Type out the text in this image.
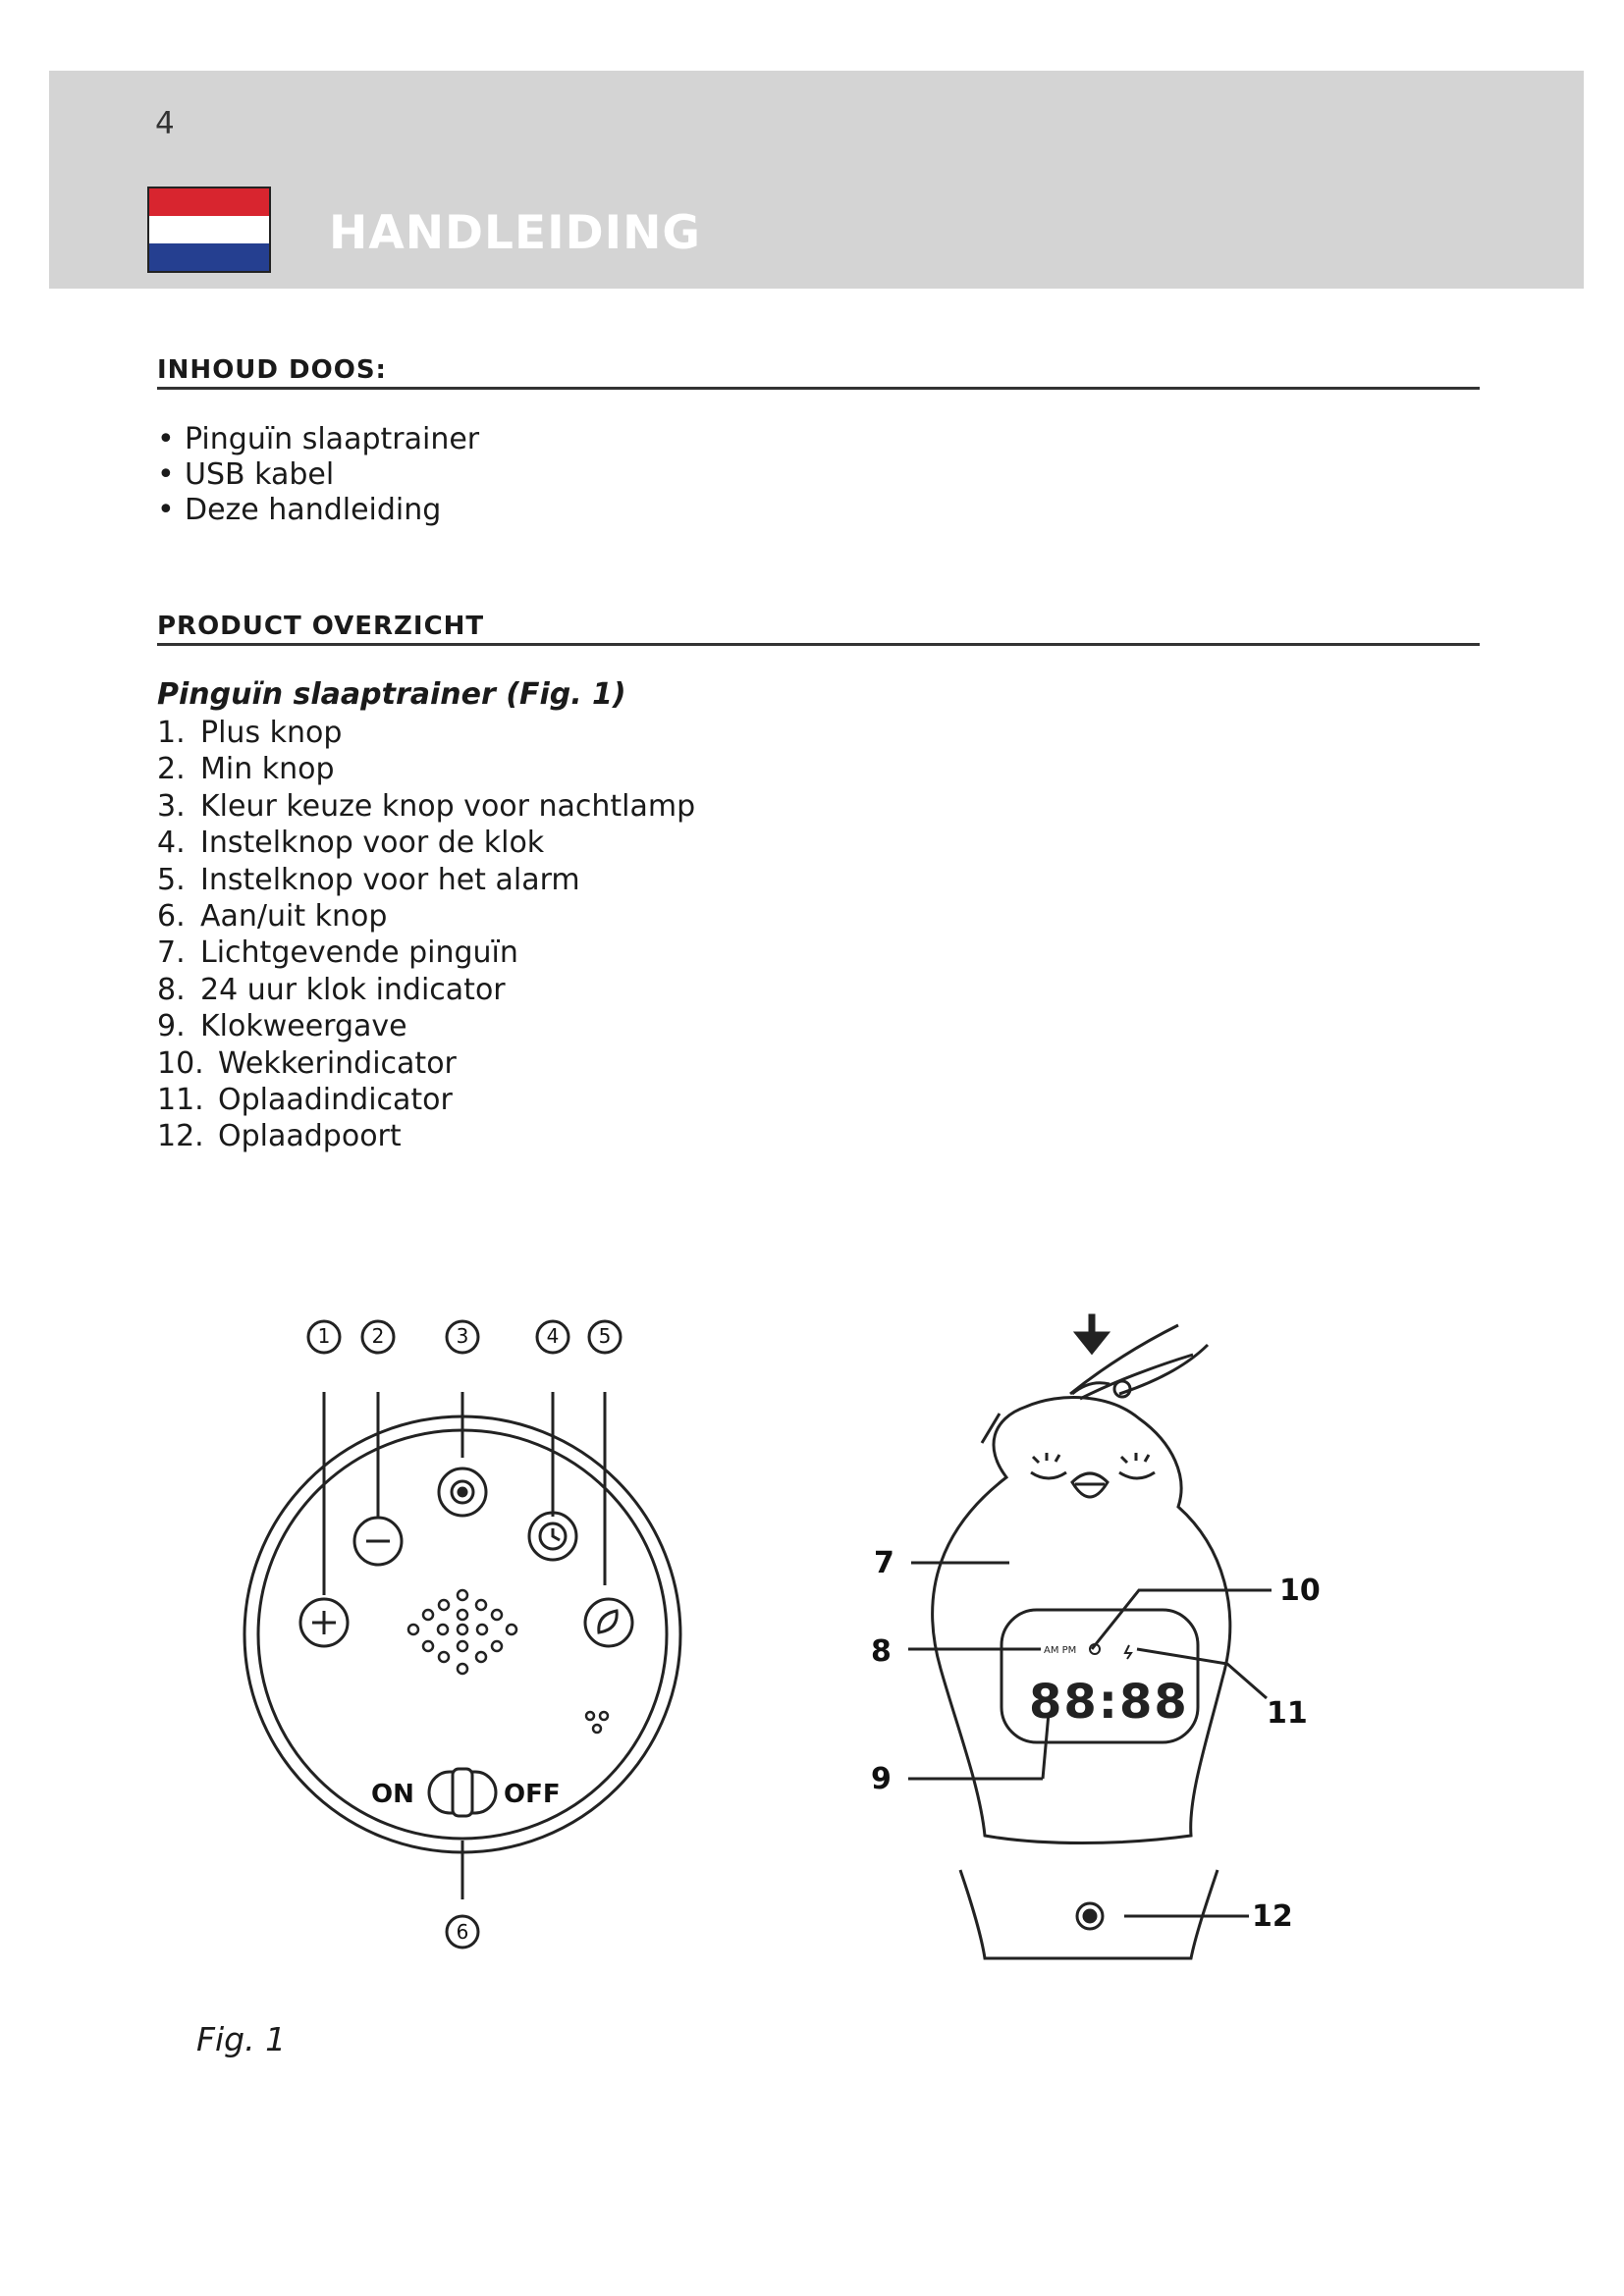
4
HANDLEIDING
INHOUD DOOS:
• Pinguïn slaaptrainer
• USB kabel
• Deze handleiding
PRODUCT OVERZICHT
Pinguïn slaaptrainer (Fig. 1)
1. Plus knop
2. Min knop
3. Kleur keuze knop voor nachtlamp
4. Instelknop voor de klok
5. Instelknop voor het alarm
6. Aan/uit knop
7. Lichtgevende pinguïn
8. 24 uur klok indicator
9. Klokweergave
10. Wekkerindicator
11. Oplaadindicator
12. Oplaadpoort
1 2	3	4 5
ON	OFF
6
AM PM
88:88
7
8
9
10
11
12
Fig. 1
